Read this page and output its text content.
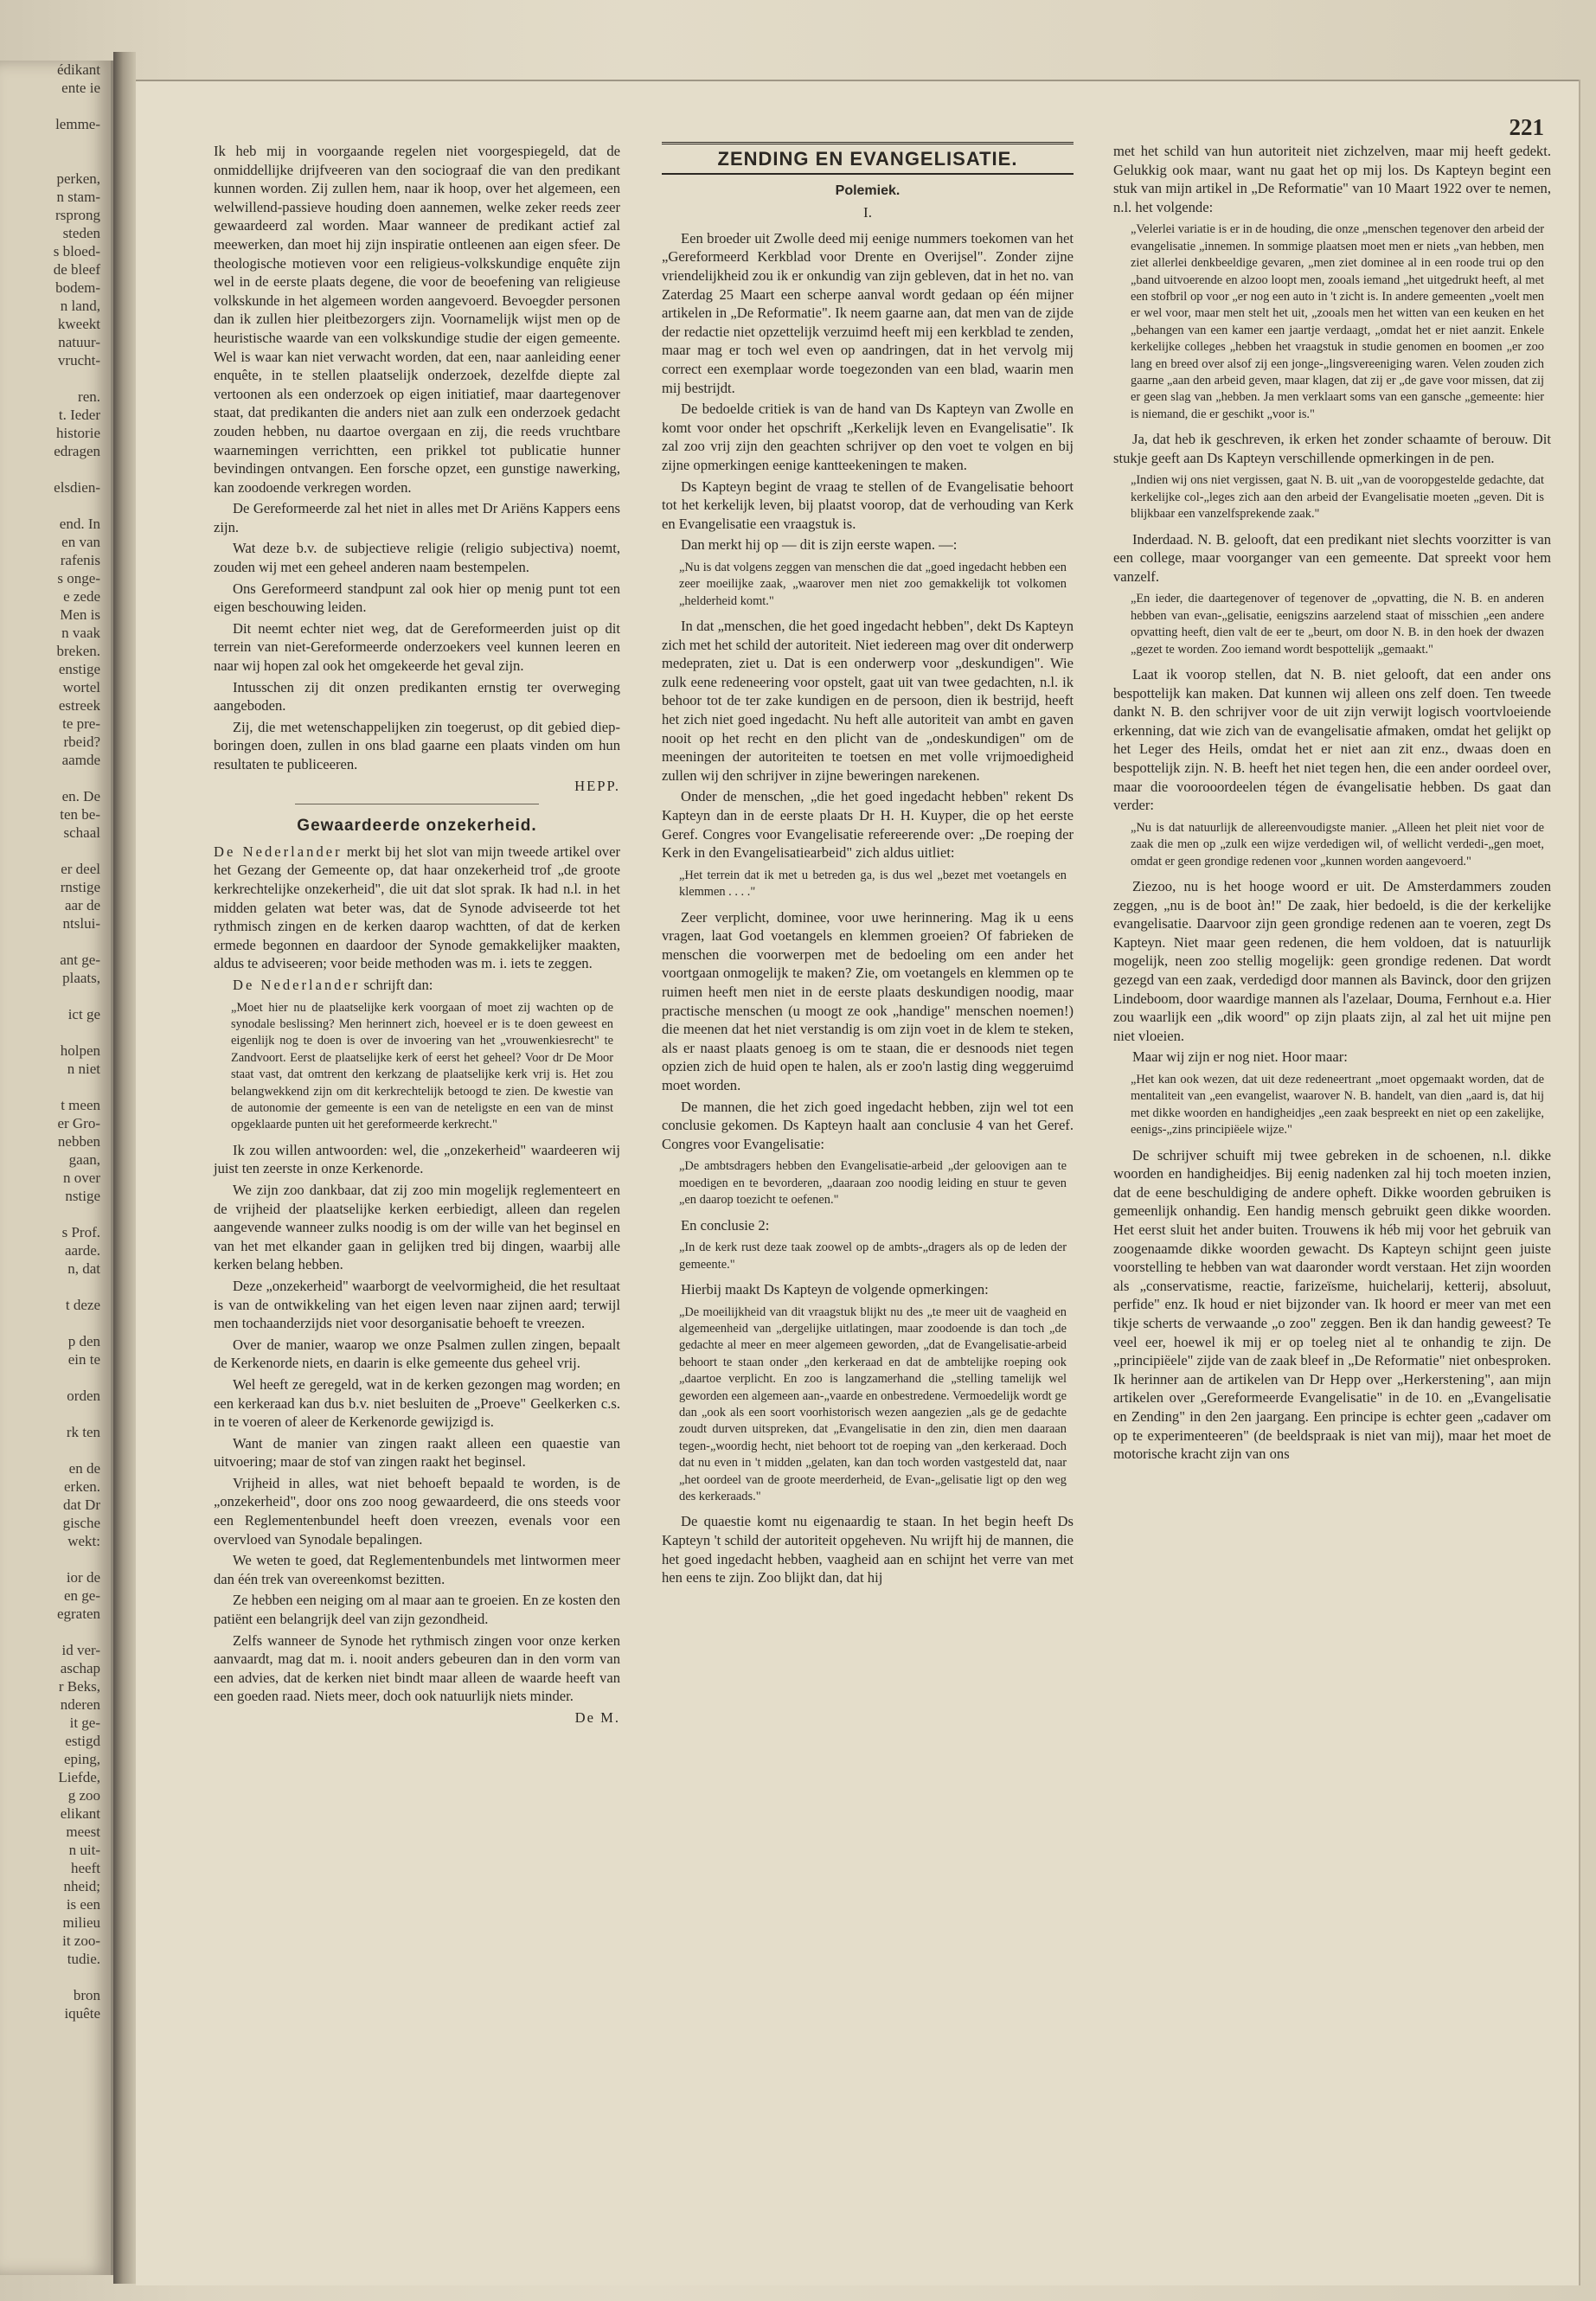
édikant
ente ie
lemme-
perken,
n stam-
rsprong
steden
s bloed-
de bleef
bodem-
n land,
kweekt
natuur-
vrucht-
ren.
t. Ieder
historie
edragen
elsdien-
end. In
en van
rafenis
s onge-
e zede
Men is
n vaak
breken.
enstige
wortel
estreek
te pre-
rbeid?
aamde
en. De
ten be-
schaal
er deel
rnstige
aar de
ntslui-
ant ge-
plaats,
ict ge
holpen
n niet
t meen
er Gro-
nebben
gaan,
n over
nstige
s Prof.
aarde.
n, dat
t deze
p den
ein te
orden
rk ten
en de
erken.
dat Dr
gische
wekt:
ior de
en ge-
egraten
id ver-
aschap
r Beks,
nderen
it ge-
estigd
eping,
Liefde,
g zoo
elikant
meest
n uit-
heeft
nheid;
is een
milieu
it zoo-
tudie.
bron
iquête
221

Ik heb mij in voorgaande regelen niet voorgespiegeld, dat de onmiddellijke drijfveeren van den sociograaf die van den predikant kunnen worden. Zij zullen hem, naar ik hoop, over het algemeen, een welwillend-passieve houding doen aannemen, welke zeker reeds zeer gewaardeerd zal worden. Maar wanneer de predikant actief zal meewerken, dan moet hij zijn inspiratie ontleenen aan eigen sfeer. De theologische motieven voor een religieus-volkskundige enquête zijn wel in de eerste plaats degene, die voor de beoefening van religieuse volkskunde in het algemeen worden aangevoerd. Bevoegder personen dan ik zullen hier pleitbezorgers zijn. Voornamelijk wijst men op de heuristische waarde van een volkskundige studie der eigen gemeente. Wel is waar kan niet verwacht worden, dat een, naar aanleiding eener enquête, in te stellen plaatselijk onderzoek, dezelfde diepte zal vertoonen als een onderzoek op eigen initiatief, maar daartegenover staat, dat predikanten die anders niet aan zulk een onderzoek gedacht zouden hebben, nu daartoe overgaan en zij, die reeds vruchtbare waarnemingen verrichtten, een prikkel tot publicatie hunner bevindingen ontvangen. Een forsche opzet, een gunstige nawerking, kan zoodoende verkregen worden.

De Gereformeerde zal het niet in alles met Dr Ariëns Kappers eens zijn.

Wat deze b.v. de subjectieve religie (religio subjectiva) noemt, zouden wij met een geheel anderen naam bestempelen.

Ons Gereformeerd standpunt zal ook hier op menig punt tot een eigen beschouwing leiden.

Dit neemt echter niet weg, dat de Gereformeerden juist op dit terrein van niet-Gereformeerde onderzoekers veel kunnen leeren en naar wij hopen zal ook het omgekeerde het geval zijn.

Intusschen zij dit onzen predikanten ernstig ter overweging aangeboden.

Zij, die met wetenschappelijken zin toegerust, op dit gebied diep-boringen doen, zullen in ons blad gaarne een plaats vinden om hun resultaten te publiceeren.

HEPP.

Gewaardeerde onzekerheid.

De Nederlander merkt bij het slot van mijn tweede artikel over het Gezang der Gemeente op, dat haar onzekerheid trof „de groote kerkrechtelijke onzekerheid", die uit dat slot sprak. Ik had n.l. in het midden gelaten wat beter was, dat de Synode adviseerde tot het rythmisch zingen en de kerken daarop wachtten, of dat de kerken ermede begonnen en daardoor der Synode gemakkelijker maakten, aldus te adviseeren; voor beide methoden was m. i. iets te zeggen.

De Nederlander schrijft dan:

„Moet hier nu de plaatselijke kerk voorgaan of moet zij wachten op de synodale beslissing? Men herinnert zich, hoeveel er is te doen geweest en eigenlijk nog te doen is over de invoering van het „vrouwenkiesrecht" te Zandvoort. Eerst de plaatselijke kerk of eerst het geheel? Voor dr De Moor staat vast, dat omtrent den kerkzang de plaatselijke kerk vrij is. Het zou belangwekkend zijn om dit kerkrechtelijk betoogd te zien. De kwestie van de autonomie der gemeente is een van de neteligste en een van de minst opgeklaarde punten uit het gereformeerde kerkrecht."

Ik zou willen antwoorden: wel, die „onzekerheid" waardeeren wij juist ten zeerste in onze Kerkenorde.

We zijn zoo dankbaar, dat zij zoo min mogelijk reglementeert en de vrijheid der plaatselijke kerken eerbiedigt, alleen dan regelen aangevende wanneer zulks noodig is om der wille van het beginsel en van het met elkander gaan in gelijken tred bij dingen, waarbij alle kerken belang hebben.

Deze „onzekerheid" waarborgt de veelvormigheid, die het resultaat is van de ontwikkeling van het eigen leven naar zijnen aard; terwijl men tochaanderzijds niet voor desorganisatie behoeft te vreezen.

Over de manier, waarop we onze Psalmen zullen zingen, bepaalt de Kerkenorde niets, en daarin is elke gemeente dus geheel vrij.

Wel heeft ze geregeld, wat in de kerken gezongen mag worden; en een kerkeraad kan dus b.v. niet besluiten de „Proeve" Geelkerken c.s. in te voeren of aleer de Kerkenorde gewijzigd is.

Want de manier van zingen raakt alleen een quaestie van uitvoering; maar de stof van zingen raakt het beginsel.

Vrijheid in alles, wat niet behoeft bepaald te worden, is de „onzekerheid", door ons zoo noog gewaardeerd, die ons steeds voor een Reglementenbundel heeft doen vreezen, evenals voor een overvloed van Synodale bepalingen.

We weten te goed, dat Reglementenbundels met lintwormen meer dan één trek van overeenkomst bezitten.

Ze hebben een neiging om al maar aan te groeien. En ze kosten den patiënt een belangrijk deel van zijn gezondheid.

Zelfs wanneer de Synode het rythmisch zingen voor onze kerken aanvaardt, mag dat m. i. nooit anders gebeuren dan in den vorm van een advies, dat de kerken niet bindt maar alleen de waarde heeft van een goeden raad. Niets meer, doch ook natuurlijk niets minder.

De M.

ZENDING EN EVANGELISATIE.
Polemiek.
I.

Een broeder uit Zwolle deed mij eenige nummers toekomen van het „Gereformeerd Kerkblad voor Drente en Overijsel". Zonder zijne vriendelijkheid zou ik er onkundig van zijn gebleven, dat in het no. van Zaterdag 25 Maart een scherpe aanval wordt gedaan op één mijner artikelen in „De Reformatie". Ik neem gaarne aan, dat men van de zijde der redactie niet opzettelijk verzuimd heeft mij een kerkblad te zenden, maar mag er toch wel even op aandringen, dat in het vervolg mij correct een exemplaar worde toegezonden van een blad, waarin men mij bestrijdt.

De bedoelde critiek is van de hand van Ds Kapteyn van Zwolle en komt voor onder het opschrift „Kerkelijk leven en Evangelisatie". Ik zal zoo vrij zijn den geachten schrijver op den voet te volgen en bij zijne opmerkingen eenige kantteekeningen te maken.

Ds Kapteyn begint de vraag te stellen of de Evangelisatie behoort tot het kerkelijk leven, bij plaatst voorop, dat de verhouding van Kerk en Evangelisatie een vraagstuk is.

Dan merkt hij op — dit is zijn eerste wapen. —:

„Nu is dat volgens zeggen van menschen die dat „goed ingedacht hebben een zeer moeilijke zaak, „waarover men niet zoo gemakkelijk tot volkomen „helderheid komt."

In dat „menschen, die het goed ingedacht hebben", dekt Ds Kapteyn zich met het schild der autoriteit. Niet iedereen mag over dit onderwerp medepraten, ziet u. Dat is een onderwerp voor „deskundigen". Wie zulk eene redeneering voor opstelt, gaat uit van twee gedachten, n.l. ik behoor tot de ter zake kundigen en de persoon, dien ik bestrijd, heeft het zich niet goed ingedacht. Nu heft alle autoriteit van ambt en gaven nooit op het recht en den plicht van de „ondeskundigen" om de meeningen der autoriteiten te toetsen en met volle vrijmoedigheid zullen wij den schrijver in zijne beweringen narekenen.

Onder de menschen, „die het goed ingedacht hebben" rekent Ds Kapteyn dan in de eerste plaats Dr H. H. Kuyper, die op het eerste Geref. Congres voor Evangelisatie refereerende over: „De roeping der Kerk in den Evangelisatiearbeid" zich aldus uitliet:

„Het terrein dat ik met u betreden ga, is dus wel „bezet met voetangels en klemmen . . . ."

Zeer verplicht, dominee, voor uwe herinnering. Mag ik u eens vragen, laat God voetangels en klemmen groeien? Of fabrieken de menschen die voorwerpen met de bedoeling om een ander het voortgaan onmogelijk te maken? Zie, om voetangels en klemmen op te ruimen heeft men niet in de eerste plaats deskundigen noodig, maar practische menschen (u moogt ze ook „handige" menschen noemen!) die meenen dat het niet verstandig is om zijn voet in de klem te steken, als er naast plaats genoeg is om te staan, die er desnoods niet tegen opzien zich de huid open te halen, als er zoo'n lastig ding weggeruimd moet worden.

De mannen, die het zich goed ingedacht hebben, zijn wel tot een conclusie gekomen. Ds Kapteyn haalt aan conclusie 4 van het Geref. Congres voor Evangelisatie:

„De ambtsdragers hebben den Evangelisatie-arbeid „der geloovigen aan te moedigen en te bevorderen, „daaraan zoo noodig leiding en stuur te geven „en daarop toezicht te oefenen."

En conclusie 2:

„In de kerk rust deze taak zoowel op de ambts-„dragers als op de leden der gemeente."

Hierbij maakt Ds Kapteyn de volgende opmerkingen:

„De moeilijkheid van dit vraagstuk blijkt nu des „te meer uit de vaagheid en algemeenheid van „dergelijke uitlatingen, maar zoodoende is dan toch „de gedachte al meer en meer algemeen geworden, „dat de Evangelisatie-arbeid behoort te staan onder „den kerkeraad en dat de ambtelijke roeping ook „daartoe verplicht. En zoo is langzamerhand die „stelling tamelijk wel geworden een algemeen aan-„vaarde en onbestredene. Vermoedelijk wordt ge dan „ook als een soort voorhistorisch wezen aangezien „als ge de gedachte zoudt durven uitspreken, dat „Evangelisatie in den zin, dien men daaraan tegen-„woordig hecht, niet behoort tot de roeping van „den kerkeraad. Doch dat nu even in 't midden „gelaten, kan dan toch worden vastgesteld dat, naar „het oordeel van de groote meerderheid, de Evan-„gelisatie ligt op den weg des kerkeraads."

De quaestie komt nu eigenaardig te staan. In het begin heeft Ds Kapteyn 't schild der autoriteit opgeheven. Nu wrijft hij de mannen, die het goed ingedacht hebben, vaagheid aan en schijnt het verre van met hen eens te zijn. Zoo blijkt dan, dat hij

met het schild van hun autoriteit niet zichzelven, maar mij heeft gedekt. Gelukkig ook maar, want nu gaat het op mij los. Ds Kapteyn begint een stuk van mijn artikel in „De Reformatie" van 10 Maart 1922 over te nemen, n.l. het volgende:

„Velerlei variatie is er in de houding, die onze „menschen tegenover den arbeid der evangelisatie „innemen. In sommige plaatsen moet men er niets „van hebben, men ziet allerlei denkbeeldige gevaren, „men ziet dominee al in een roode trui op den „band uitvoerende en alzoo loopt men, zooals iemand „het uitgedrukt heeft, al met een stofbril op voor „er nog een auto in 't zicht is. In andere gemeenten „voelt men er wel voor, maar men stelt het uit, „zooals men het witten van een keuken en het „behangen van een kamer een jaartje verdaagt, „omdat het er niet aanzit. Enkele kerkelijke colleges „hebben het vraagstuk in studie genomen en boomen „er zoo lang en breed over alsof zij een jonge-„lingsvereeniging waren. Velen zouden zich gaarne „aan den arbeid geven, maar klagen, dat zij er „de gave voor missen, dat zij er geen slag van „hebben. Ja men verklaart soms van een gansche „gemeente: hier is niemand, die er geschikt „voor is."

Ja, dat heb ik geschreven, ik erken het zonder schaamte of berouw. Dit stukje geeft aan Ds Kapteyn verschillende opmerkingen in de pen.

„Indien wij ons niet vergissen, gaat N. B. uit „van de vooropgestelde gedachte, dat kerkelijke col-„leges zich aan den arbeid der Evangelisatie moeten „geven. Dit is blijkbaar een vanzelfsprekende zaak."

Inderdaad. N. B. gelooft, dat een predikant niet slechts voorzitter is van een college, maar voorganger van een gemeente. Dat spreekt voor hem vanzelf.

„En ieder, die daartegenover of tegenover de „opvatting, die N. B. en anderen hebben van evan-„gelisatie, eenigszins aarzelend staat of misschien „een andere opvatting heeft, dien valt de eer te „beurt, om door N. B. in den hoek der dwazen „gezet te worden. Zoo iemand wordt bespottelijk „gemaakt."

Laat ik voorop stellen, dat N. B. niet gelooft, dat een ander ons bespottelijk kan maken. Dat kunnen wij alleen ons zelf doen. Ten tweede dankt N. B. den schrijver voor de uit zijn verwijt logisch voortvloeiende erkenning, dat wie zich van de evangelisatie afmaken, omdat het gelijkt op het Leger des Heils, omdat het er niet aan zit enz., dwaas doen en bespottelijk zijn. N. B. heeft het niet tegen hen, die een ander oordeel over, maar die voorooordeelen tégen de évangelisatie hebben. Ds gaat dan verder:

„Nu is dat natuurlijk de allereenvoudigste manier. „Alleen het pleit niet voor de zaak die men op „zulk een wijze verdedigen wil, of wellicht verdedi-„gen moet, omdat er geen grondige redenen voor „kunnen worden aangevoerd."

Ziezoo, nu is het hooge woord er uit. De Amsterdammers zouden zeggen, „nu is de boot àn!" De zaak, hier bedoeld, is die der kerkelijke evangelisatie. Daarvoor zijn geen grondige redenen aan te voeren, zegt Ds Kapteyn. Niet maar geen redenen, die hem voldoen, dat is natuurlijk mogelijk, neen zoo stellig mogelijk: geen grondige redenen. Dat wordt gezegd van een zaak, verdedigd door mannen als Bavinck, door den grijzen Lindeboom, door waardige mannen als l'azelaar, Douma, Fernhout e.a. Hier zou waarlijk een „dik woord" op zijn plaats zijn, al zal het uit mijne pen niet vloeien.

Maar wij zijn er nog niet. Hoor maar:

„Het kan ook wezen, dat uit deze redeneertrant „moet opgemaakt worden, dat de mentaliteit van „een evangelist, waarover N. B. handelt, van dien „aard is, dat hij met dikke woorden en handigheidjes „een zaak bespreekt en niet op een zakelijke, eenigs-„zins principiëele wijze."

De schrijver schuift mij twee gebreken in de schoenen, n.l. dikke woorden en handigheidjes. Bij eenig nadenken zal hij toch moeten inzien, dat de eene beschuldiging de andere opheft. Dikke woorden gebruiken is gemeenlijk onhandig. Een handig mensch gebruikt geen dikke woorden. Het eerst sluit het ander buiten. Trouwens ik héb mij voor het gebruik van zoogenaamde dikke woorden gewacht. Ds Kapteyn schijnt geen juiste voorstelling te hebben van wat daaronder wordt verstaan. Het zijn woorden als „conservatisme, reactie, farizeïsme, huichelarij, ketterij, absoluut, perfide" enz. Ik houd er niet bijzonder van. Ik hoord er meer van met een tikje scherts de verwaande „o zoo" zeggen. Ben ik dan handig geweest? Te veel eer, hoewel ik mij er op toeleg niet al te onhandig te zijn. De „principiëele" zijde van de zaak bleef in „De Reformatie" niet onbesproken. Ik herinner aan de artikelen van Dr Hepp over „Herkerstening", aan mijn artikelen over „Gereformeerde Evangelisatie" in de 10. en „Evangelisatie en Zending" in den 2en jaargang. Een principe is echter geen „cadaver om op te experimenteeren" (de beeldspraak is niet van mij), maar het moet de motorische kracht zijn van ons
